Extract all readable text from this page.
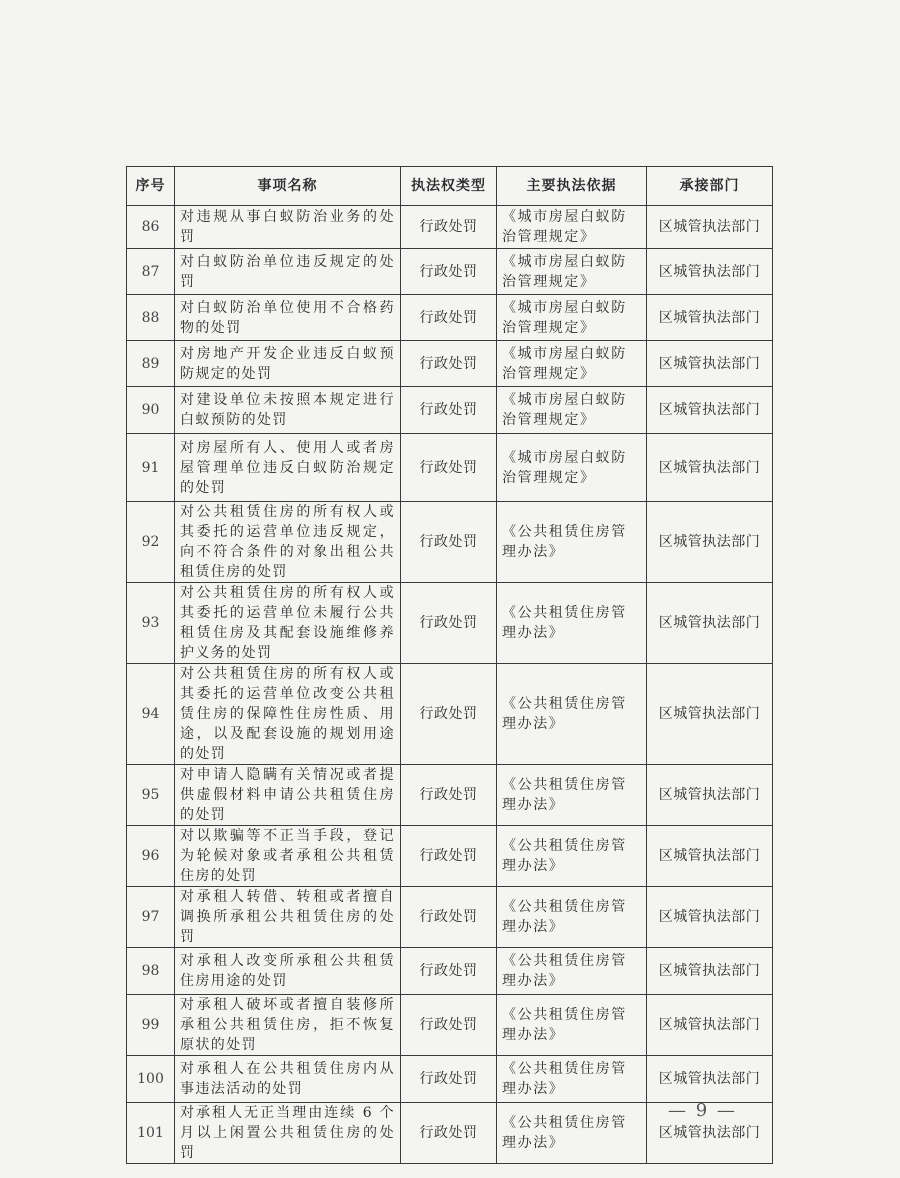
序号	事项名称	执法权类型	主要执法依据	承接部门
86	对违规从事白蚁防治业务的处罚	行政处罚	《城市房屋白蚁防治管理规定》	区城管执法部门
87	对白蚁防治单位违反规定的处罚	行政处罚	《城市房屋白蚁防治管理规定》	区城管执法部门
88	对白蚁防治单位使用不合格药物的处罚	行政处罚	《城市房屋白蚁防治管理规定》	区城管执法部门
89	对房地产开发企业违反白蚁预防规定的处罚	行政处罚	《城市房屋白蚁防治管理规定》	区城管执法部门
90	对建设单位未按照本规定进行白蚁预防的处罚	行政处罚	《城市房屋白蚁防治管理规定》	区城管执法部门
91	对房屋所有人、使用人或者房屋管理单位违反白蚁防治规定的处罚	行政处罚	《城市房屋白蚁防治管理规定》	区城管执法部门
92	对公共租赁住房的所有权人或其委托的运营单位违反规定，向不符合条件的对象出租公共租赁住房的处罚	行政处罚	《公共租赁住房管理办法》	区城管执法部门
93	对公共租赁住房的所有权人或其委托的运营单位未履行公共租赁住房及其配套设施维修养护义务的处罚	行政处罚	《公共租赁住房管理办法》	区城管执法部门
94	对公共租赁住房的所有权人或其委托的运营单位改变公共租赁住房的保障性住房性质、用途，以及配套设施的规划用途的处罚	行政处罚	《公共租赁住房管理办法》	区城管执法部门
95	对申请人隐瞒有关情况或者提供虚假材料申请公共租赁住房的处罚	行政处罚	《公共租赁住房管理办法》	区城管执法部门
96	对以欺骗等不正当手段，登记为轮候对象或者承租公共租赁住房的处罚	行政处罚	《公共租赁住房管理办法》	区城管执法部门
97	对承租人转借、转租或者擅自调换所承租公共租赁住房的处罚	行政处罚	《公共租赁住房管理办法》	区城管执法部门
98	对承租人改变所承租公共租赁住房用途的处罚	行政处罚	《公共租赁住房管理办法》	区城管执法部门
99	对承租人破坏或者擅自装修所承租公共租赁住房，拒不恢复原状的处罚	行政处罚	《公共租赁住房管理办法》	区城管执法部门
100	对承租人在公共租赁住房内从事违法活动的处罚	行政处罚	《公共租赁住房管理办法》	区城管执法部门
101	对承租人无正当理由连续 6 个月以上闲置公共租赁住房的处罚	行政处罚	《公共租赁住房管理办法》	区城管执法部门
— 9 —
